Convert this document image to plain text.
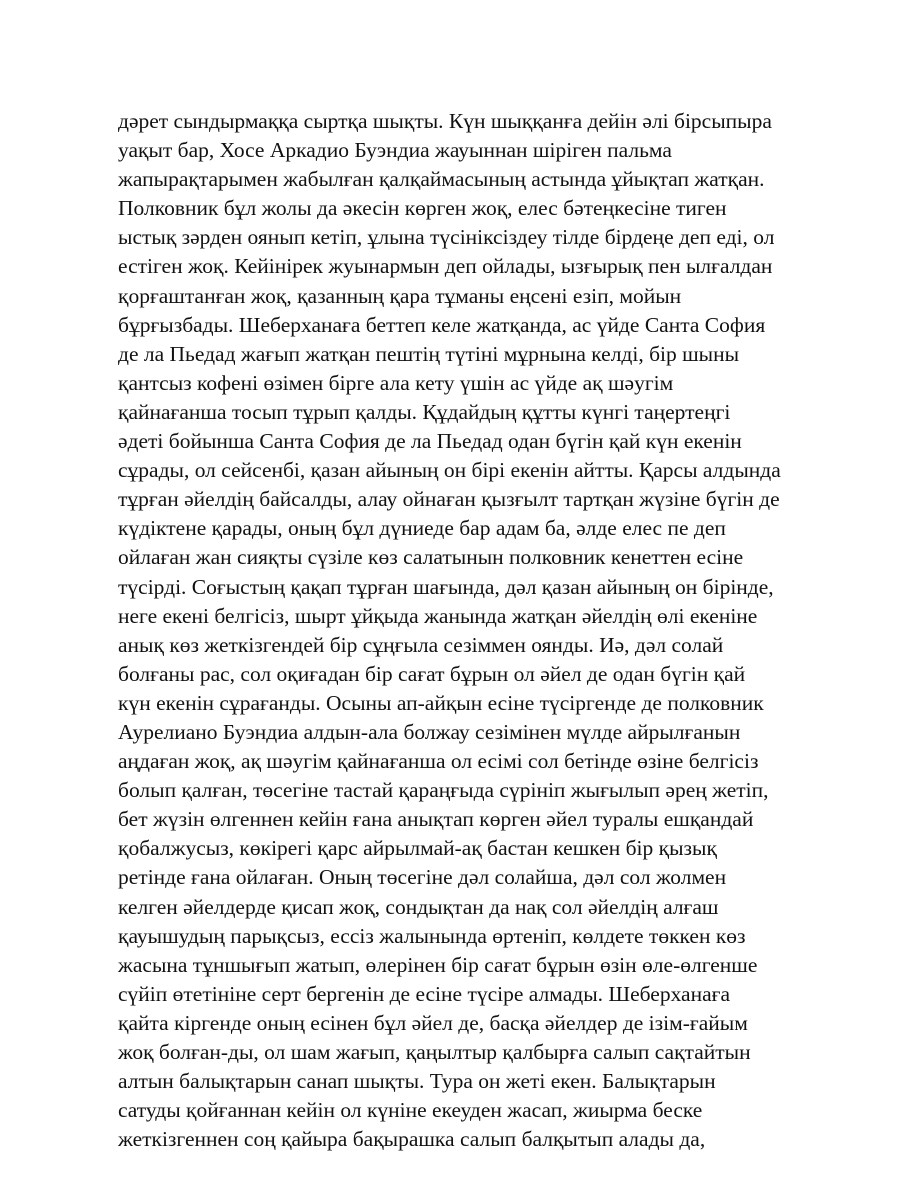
дәрет сындырмаққа сыртқа шықты. Күн шыққанға дейін әлі бірсыпыра
уақыт бар, Хосе Аркадио Буэндиа жауыннан шіріген пальма
жапырақтарымен жабылған қалқаймасының астында ұйықтап жатқан.
Полковник бұл жолы да әкесін көрген жоқ, елес бәтеңкесіне тиген
ыстық зәрден оянып кетіп, ұлына түсініксіздеу тілде бірдеңе деп еді, ол
естіген жоқ. Кейінірек жуынармын деп ойлады, ызғырық пен ылғалдан
қорғаштанған жоқ, қазанның қара тұманы еңсені езіп, мойын
бұрғызбады. Шеберханаға беттеп келе жатқанда, ас үйде Санта София
де ла Пьедад жағып жатқан пештің түтіні мұрнына келді, бір шыны
қантсыз кофені өзімен бірге ала кету үшін ас үйде ақ шәугім
қайнағанша тосып тұрып қалды. Құдайдың құтты күнгі таңертеңгі
әдеті бойынша Санта София де ла Пьедад одан бүгін қай күн екенін
сұрады, ол сейсенбі, қазан айының он бірі екенін айтты. Қарсы алдында
тұрған әйелдің байсалды, алау ойнаған қызғылт тартқан жүзіне бүгін де
күдіктене қарады, оның бұл дүниеде бар адам ба, әлде елес пе деп
ойлаған жан сияқты сүзіле көз салатынын полковник кенеттен есіне
түсірді. Соғыстың қақап тұрған шағында, дәл қазан айының он бірінде,
неге екені белгісіз, шырт ұйқыда жанында жатқан әйелдің өлі екеніне
анық көз жеткізгендей бір сұңғыла сезіммен оянды. Иә, дәл солай
болғаны рас, сол оқиғадан бір сағат бұрын ол әйел де одан бүгін қай
күн екенін сұрағанды. Осыны ап-айқын есіне түсіргенде де полковник
Аурелиано Буэндиа алдын-ала болжау сезімінен мүлде айрылғанын
аңдаған жоқ, ақ шәугім қайнағанша ол есімі сол бетінде өзіне белгісіз
болып қалған, төсегіне тастай қараңғыда сүрініп жығылып әрең жетіп,
бет жүзін өлгеннен кейін ғана анықтап көрген әйел туралы ешқандай
қобалжусыз, көкірегі қарс айрылмай-ақ бастан кешкен бір қызық
ретінде ғана ойлаған. Оның төсегіне дәл солайша, дәл сол жолмен
келген әйелдерде қисап жоқ, сондықтан да нақ сол әйелдің алғаш
қауышудың парықсыз, ессіз жалынында өртеніп, көлдете төккен көз
жасына тұншығып жатып, өлерінен бір сағат бұрын өзін өле-өлгенше
сүйіп өтетініне серт бергенін де есіне түсіре алмады. Шеберханаға
қайта кіргенде оның есінен бұл әйел де, басқа әйелдер де ізім-ғайым
жоқ болған-ды, ол шам жағып, қаңылтыр қалбырға салып сақтайтын
алтын балықтарын санап шықты. Тура он жеті екен. Балықтарын
сатуды қойғаннан кейін ол күніне екеуден жасап, жиырма беске
жеткізгеннен соң қайыра бақырашка салып балқытып алады да,
